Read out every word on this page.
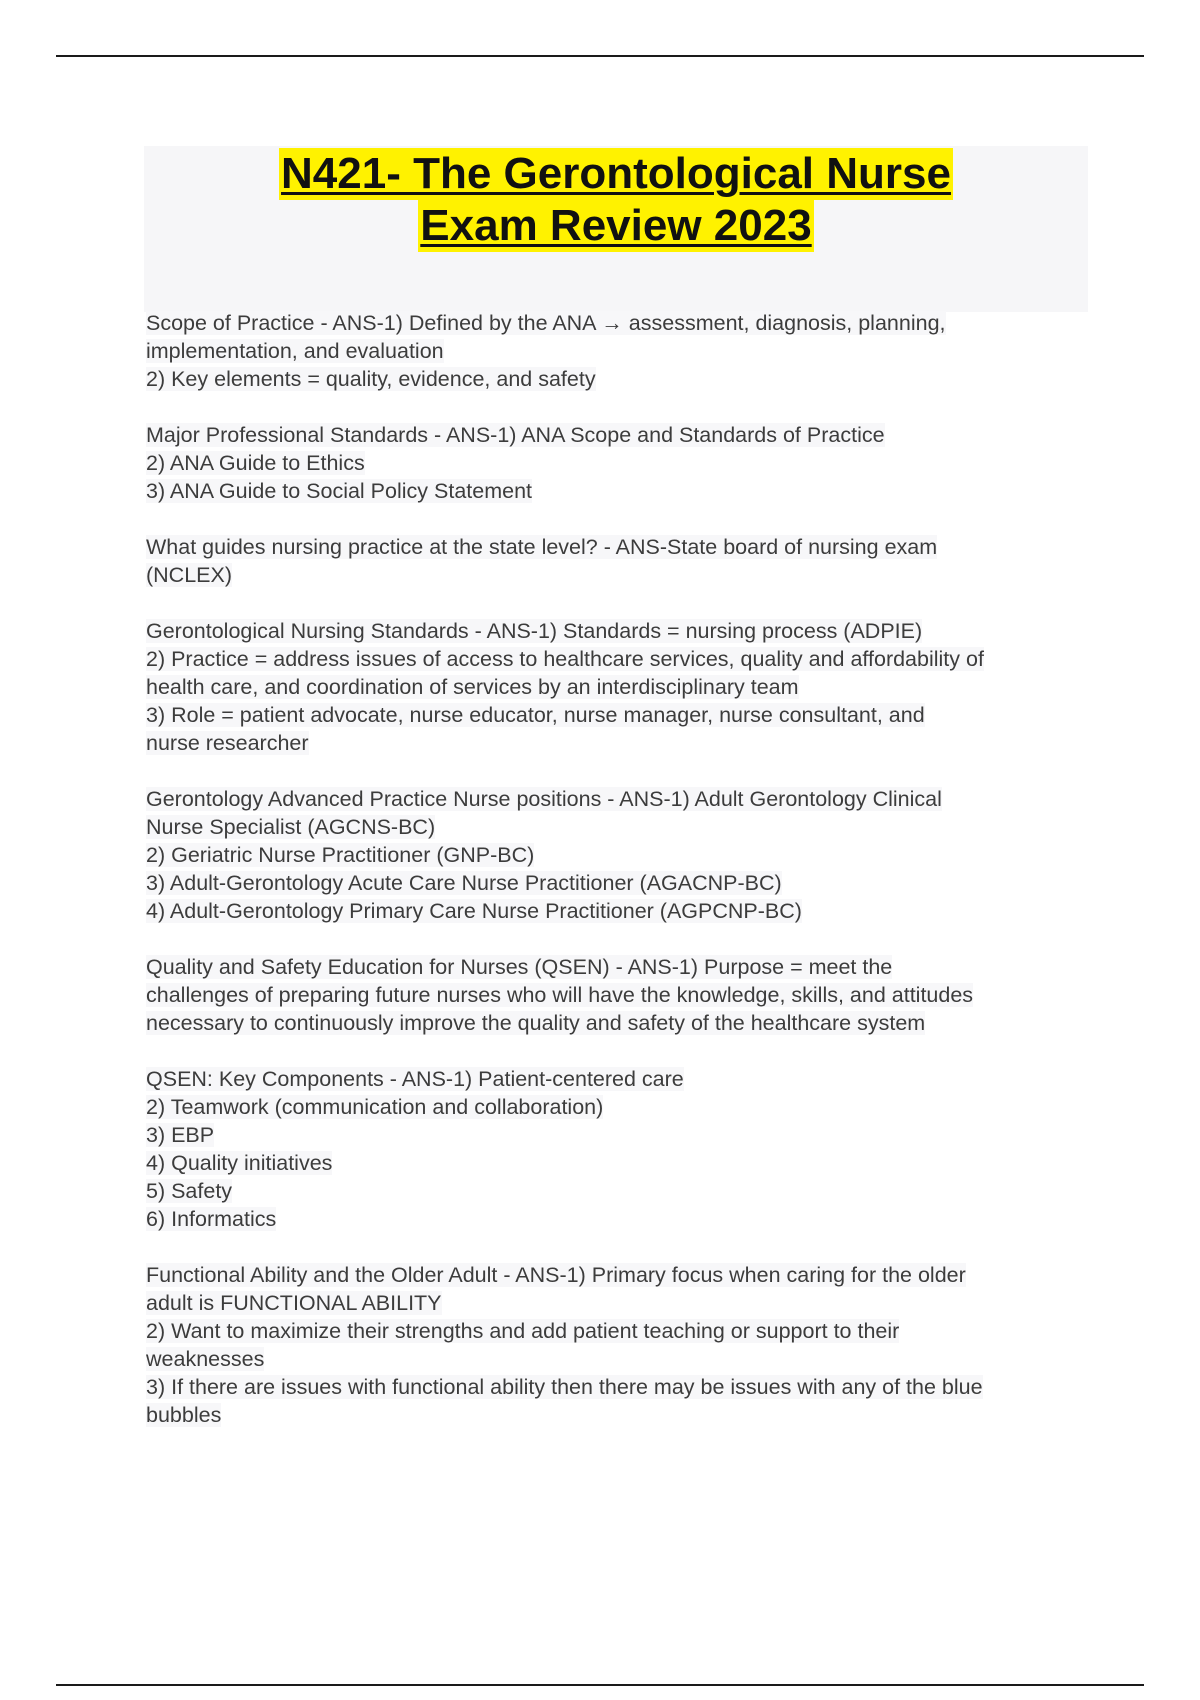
N421- The Gerontological Nurse
Exam Review 2023
Scope of Practice - ANS-1) Defined by the ANA → assessment, diagnosis, planning,
implementation, and evaluation
2) Key elements = quality, evidence, and safety
Major Professional Standards - ANS-1) ANA Scope and Standards of Practice
2) ANA Guide to Ethics
3) ANA Guide to Social Policy Statement
What guides nursing practice at the state level? - ANS-State board of nursing exam
(NCLEX)
Gerontological Nursing Standards - ANS-1) Standards = nursing process (ADPIE)
2) Practice = address issues of access to healthcare services, quality and affordability of
health care, and coordination of services by an interdisciplinary team
3) Role = patient advocate, nurse educator, nurse manager, nurse consultant, and
nurse researcher
Gerontology Advanced Practice Nurse positions - ANS-1) Adult Gerontology Clinical
Nurse Specialist (AGCNS-BC)
2) Geriatric Nurse Practitioner (GNP-BC)
3) Adult-Gerontology Acute Care Nurse Practitioner (AGACNP-BC)
4) Adult-Gerontology Primary Care Nurse Practitioner (AGPCNP-BC)
Quality and Safety Education for Nurses (QSEN) - ANS-1) Purpose = meet the
challenges of preparing future nurses who will have the knowledge, skills, and attitudes
necessary to continuously improve the quality and safety of the healthcare system
QSEN: Key Components - ANS-1) Patient-centered care
2) Teamwork (communication and collaboration)
3) EBP
4) Quality initiatives
5) Safety
6) Informatics
Functional Ability and the Older Adult - ANS-1) Primary focus when caring for the older
adult is FUNCTIONAL ABILITY
2) Want to maximize their strengths and add patient teaching or support to their
weaknesses
3) If there are issues with functional ability then there may be issues with any of the blue
bubbles
